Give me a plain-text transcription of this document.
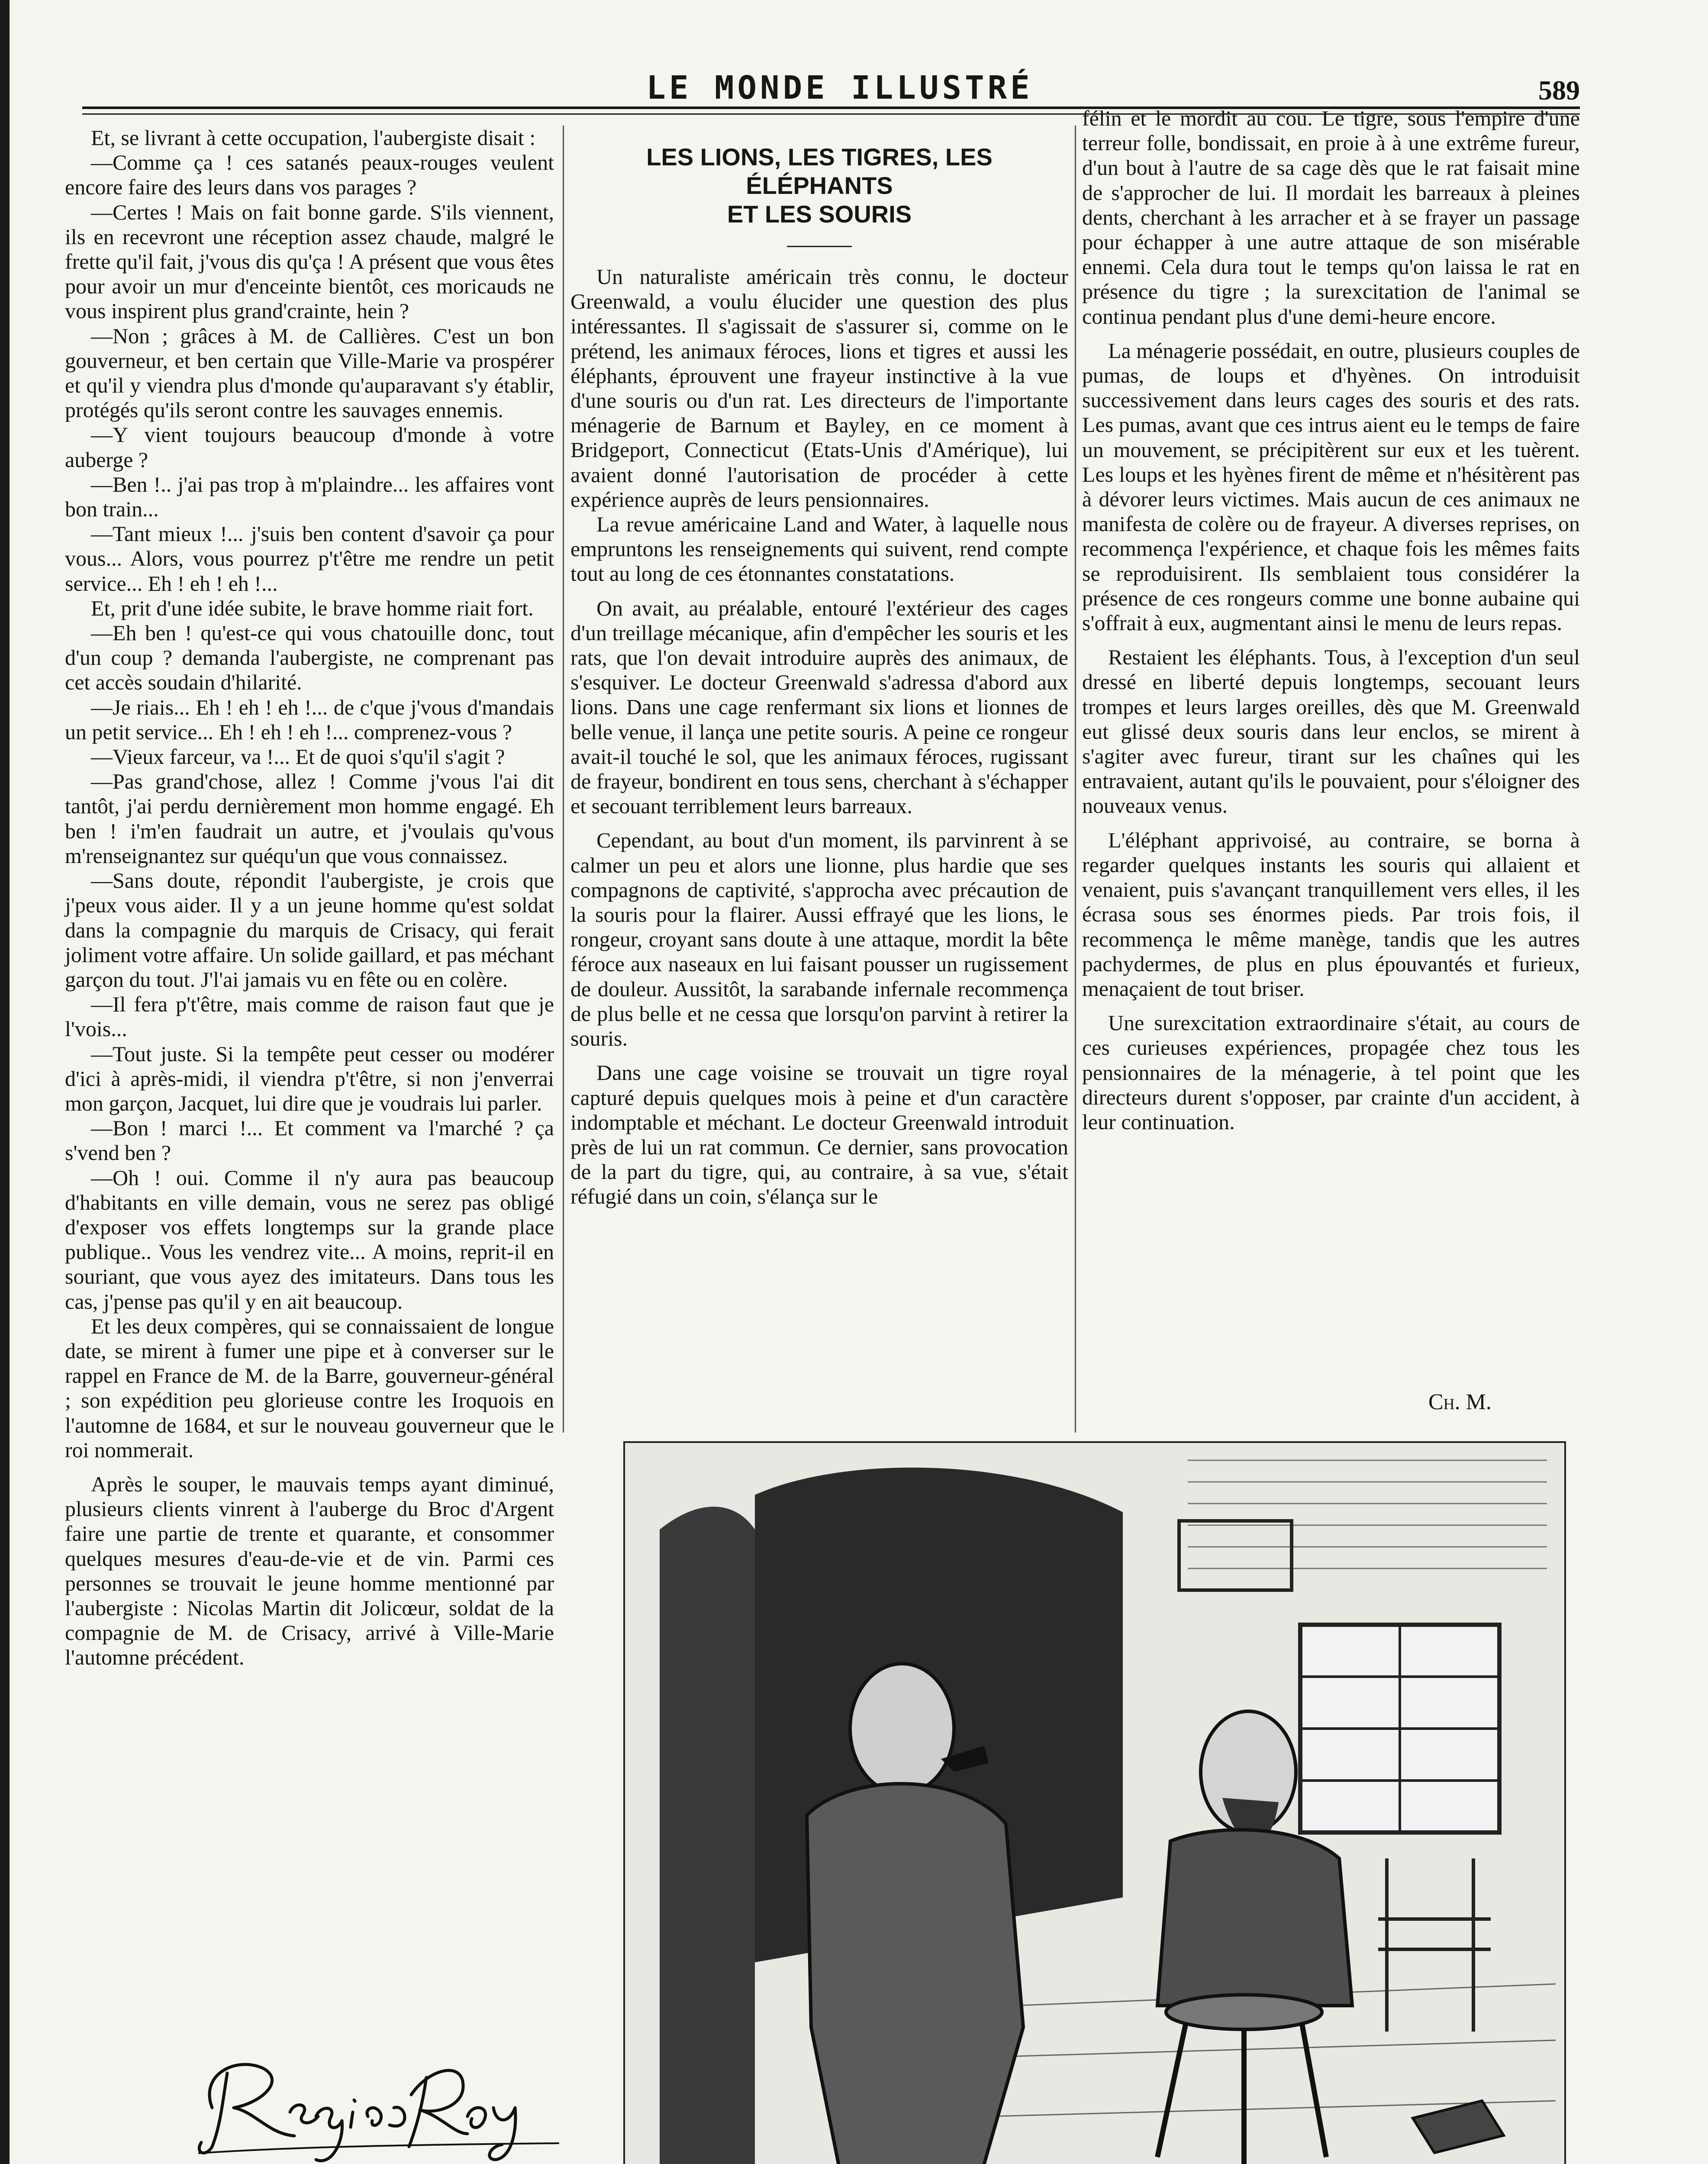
LE MONDE ILLUSTRÉ	589

Et, se livrant à cette occupation, l'aubergiste disait :

—Comme ça ! ces satanés peaux-rouges veulent encore faire des leurs dans vos parages ?

—Certes ! Mais on fait bonne garde. S'ils viennent, ils en recevront une réception assez chaude, malgré le frette qu'il fait, j'vous dis qu'ça ! A présent que vous êtes pour avoir un mur d'enceinte bientôt, ces moricauds ne vous inspirent plus grand'crainte, hein ?

—Non ; grâces à M. de Callières. C'est un bon gouverneur, et ben certain que Ville-Marie va prospérer et qu'il y viendra plus d'monde qu'auparavant s'y établir, protégés qu'ils seront contre les sauvages ennemis.

—Y vient toujours beaucoup d'monde à votre auberge ?

—Ben !.. j'ai pas trop à m'plaindre... les affaires vont bon train...

—Tant mieux !... j'suis ben content d'savoir ça pour vous... Alors, vous pourrez p't'être me rendre un petit service... Eh ! eh ! eh !...

Et, prit d'une idée subite, le brave homme riait fort.

—Eh ben ! qu'est-ce qui vous chatouille donc, tout d'un coup ? demanda l'aubergiste, ne comprenant pas cet accès soudain d'hilarité.

—Je riais... Eh ! eh ! eh !... de c'que j'vous d'mandais un petit service... Eh ! eh ! eh !... comprenez-vous ?

—Vieux farceur, va !... Et de quoi s'qu'il s'agit ?

—Pas grand'chose, allez ! Comme j'vous l'ai dit tantôt, j'ai perdu dernièrement mon homme engagé. Eh ben ! i'm'en faudrait un autre, et j'voulais qu'vous m'renseignantez sur quéqu'un que vous connaissez.

—Sans doute, répondit l'aubergiste, je crois que j'peux vous aider. Il y a un jeune homme qu'est soldat dans la compagnie du marquis de Crisacy, qui ferait joliment votre affaire. Un solide gaillard, et pas méchant garçon du tout. J'l'ai jamais vu en fête ou en colère.

—Il fera p't'être, mais comme de raison faut que je l'vois...

—Tout juste. Si la tempête peut cesser ou modérer d'ici à après-midi, il viendra p't'être, si non j'enverrai mon garçon, Jacquet, lui dire que je voudrais lui parler.

—Bon ! marci !... Et comment va l'marché ? ça s'vend ben ?

—Oh ! oui. Comme il n'y aura pas beaucoup d'habitants en ville demain, vous ne serez pas obligé d'exposer vos effets longtemps sur la grande place publique.. Vous les vendrez vite... A moins, reprit-il en souriant, que vous ayez des imitateurs. Dans tous les cas, j'pense pas qu'il y en ait beaucoup.

Et les deux compères, qui se connaissaient de longue date, se mirent à fumer une pipe et à converser sur le rappel en France de M. de la Barre, gouverneur-général ; son expédition peu glorieuse contre les Iroquois en l'automne de 1684, et sur le nouveau gouverneur que le roi nommerait.

Après le souper, le mauvais temps ayant diminué, plusieurs clients vinrent à l'auberge du Broc d'Argent faire une partie de trente et quarante, et consommer quelques mesures d'eau-de-vie et de vin. Parmi ces personnes se trouvait le jeune homme mentionné par l'aubergiste : Nicolas Martin dit Jolicœur, soldat de la compagnie de M. de Crisacy, arrivé à Ville-Marie l'automne précédent.

LES LIONS, LES TIGRES, LES ÉLÉPHANTS
ET LES SOURIS

Un naturaliste américain très connu, le docteur Greenwald, a voulu élucider une question des plus intéressantes. Il s'agissait de s'assurer si, comme on le prétend, les animaux féroces, lions et tigres et aussi les éléphants, éprouvent une frayeur instinctive à la vue d'une souris ou d'un rat. Les directeurs de l'importante ménagerie de Barnum et Bayley, en ce moment à Bridgeport, Connecticut (Etats-Unis d'Amérique), lui avaient donné l'autorisation de procéder à cette expérience auprès de leurs pensionnaires.

La revue américaine Land and Water, à laquelle nous empruntons les renseignements qui suivent, rend compte tout au long de ces étonnantes constatations.

On avait, au préalable, entouré l'extérieur des cages d'un treillage mécanique, afin d'empêcher les souris et les rats, que l'on devait introduire auprès des animaux, de s'esquiver. Le docteur Greenwald s'adressa d'abord aux lions. Dans une cage renfermant six lions et lionnes de belle venue, il lança une petite souris. A peine ce rongeur avait-il touché le sol, que les animaux féroces, rugissant de frayeur, bondirent en tous sens, cherchant à s'échapper et secouant terriblement leurs barreaux.

Cependant, au bout d'un moment, ils parvinrent à se calmer un peu et alors une lionne, plus hardie que ses compagnons de captivité, s'approcha avec précaution de la souris pour la flairer. Aussi effrayé que les lions, le rongeur, croyant sans doute à une attaque, mordit la bête féroce aux naseaux en lui faisant pousser un rugissement de douleur. Aussitôt, la sarabande infernale recommença de plus belle et ne cessa que lorsqu'on parvint à retirer la souris.

Dans une cage voisine se trouvait un tigre royal capturé depuis quelques mois à peine et d'un caractère indomptable et méchant. Le docteur Greenwald introduit près de lui un rat commun. Ce dernier, sans provocation de la part du tigre, qui, au contraire, à sa vue, s'était réfugié dans un coin, s'élança sur le

félin et le mordit au cou. Le tigre, sous l'empire d'une terreur folle, bondissait, en proie à à une extrême fureur, d'un bout à l'autre de sa cage dès que le rat faisait mine de s'approcher de lui. Il mordait les barreaux à pleines dents, cherchant à les arracher et à se frayer un passage pour échapper à une autre attaque de son misérable ennemi. Cela dura tout le temps qu'on laissa le rat en présence du tigre ; la surexcitation de l'animal se continua pendant plus d'une demi-heure encore.

La ménagerie possédait, en outre, plusieurs couples de pumas, de loups et d'hyènes. On introduisit successivement dans leurs cages des souris et des rats. Les pumas, avant que ces intrus aient eu le temps de faire un mouvement, se précipitèrent sur eux et les tuèrent. Les loups et les hyènes firent de même et n'hésitèrent pas à dévorer leurs victimes. Mais aucun de ces animaux ne manifesta de colère ou de frayeur. A diverses reprises, on recommença l'expérience, et chaque fois les mêmes faits se reproduisirent. Ils semblaient tous considérer la présence de ces rongeurs comme une bonne aubaine qui s'offrait à eux, augmentant ainsi le menu de leurs repas.

Restaient les éléphants. Tous, à l'exception d'un seul dressé en liberté depuis longtemps, secouant leurs trompes et leurs larges oreilles, dès que M. Greenwald eut glissé deux souris dans leur enclos, se mirent à s'agiter avec fureur, tirant sur les chaînes qui les entravaient, autant qu'ils le pouvaient, pour s'éloigner des nouveaux venus.

L'éléphant apprivoisé, au contraire, se borna à regarder quelques instants les souris qui allaient et venaient, puis s'avançant tranquillement vers elles, il les écrasa sous ses énormes pieds. Par trois fois, il recommença le même manège, tandis que les autres pachydermes, de plus en plus épouvantés et furieux, menaçaient de tout briser.

Une surexcitation extraordinaire s'était, au cours de ces curieuses expériences, propagée chez tous les pensionnaires de la ménagerie, à tel point que les directeurs durent s'opposer, par crainte d'un accident, à leur continuation.

Ch. M.
